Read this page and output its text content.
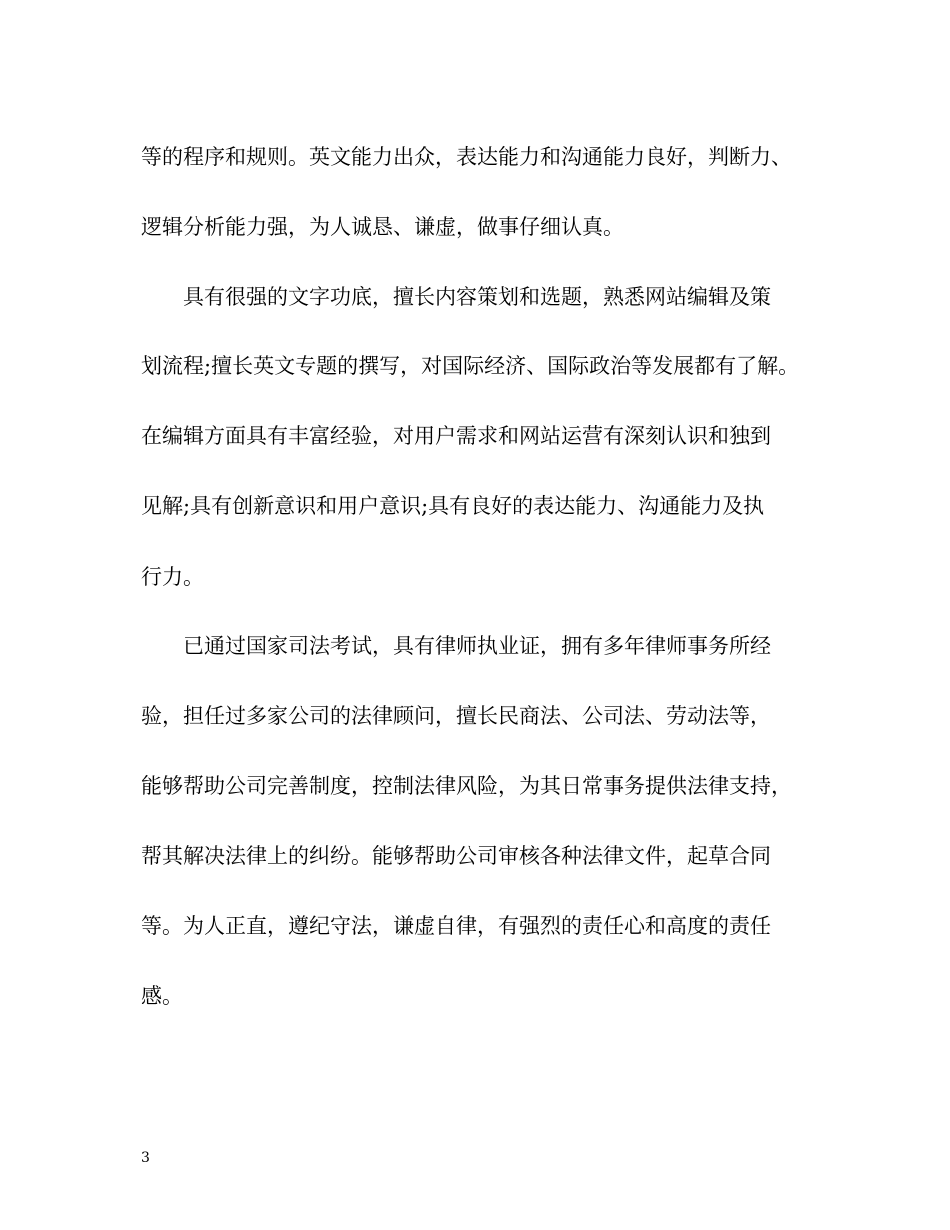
等的程序和规则。英文能力出众，表达能力和沟通能力良好，判断力、
逻辑分析能力强，为人诚恳、谦虚，做事仔细认真。
　　具有很强的文字功底，擅长内容策划和选题，熟悉网站编辑及策
划流程;擅长英文专题的撰写，对国际经济、国际政治等发展都有了解。
在编辑方面具有丰富经验，对用户需求和网站运营有深刻认识和独到
见解;具有创新意识和用户意识;具有良好的表达能力、沟通能力及执
行力。
　　已通过国家司法考试，具有律师执业证，拥有多年律师事务所经
验，担任过多家公司的法律顾问，擅长民商法、公司法、劳动法等，
能够帮助公司完善制度，控制法律风险，为其日常事务提供法律支持，
帮其解决法律上的纠纷。能够帮助公司审核各种法律文件，起草合同
等。为人正直，遵纪守法，谦虚自律，有强烈的责任心和高度的责任
感。
3
